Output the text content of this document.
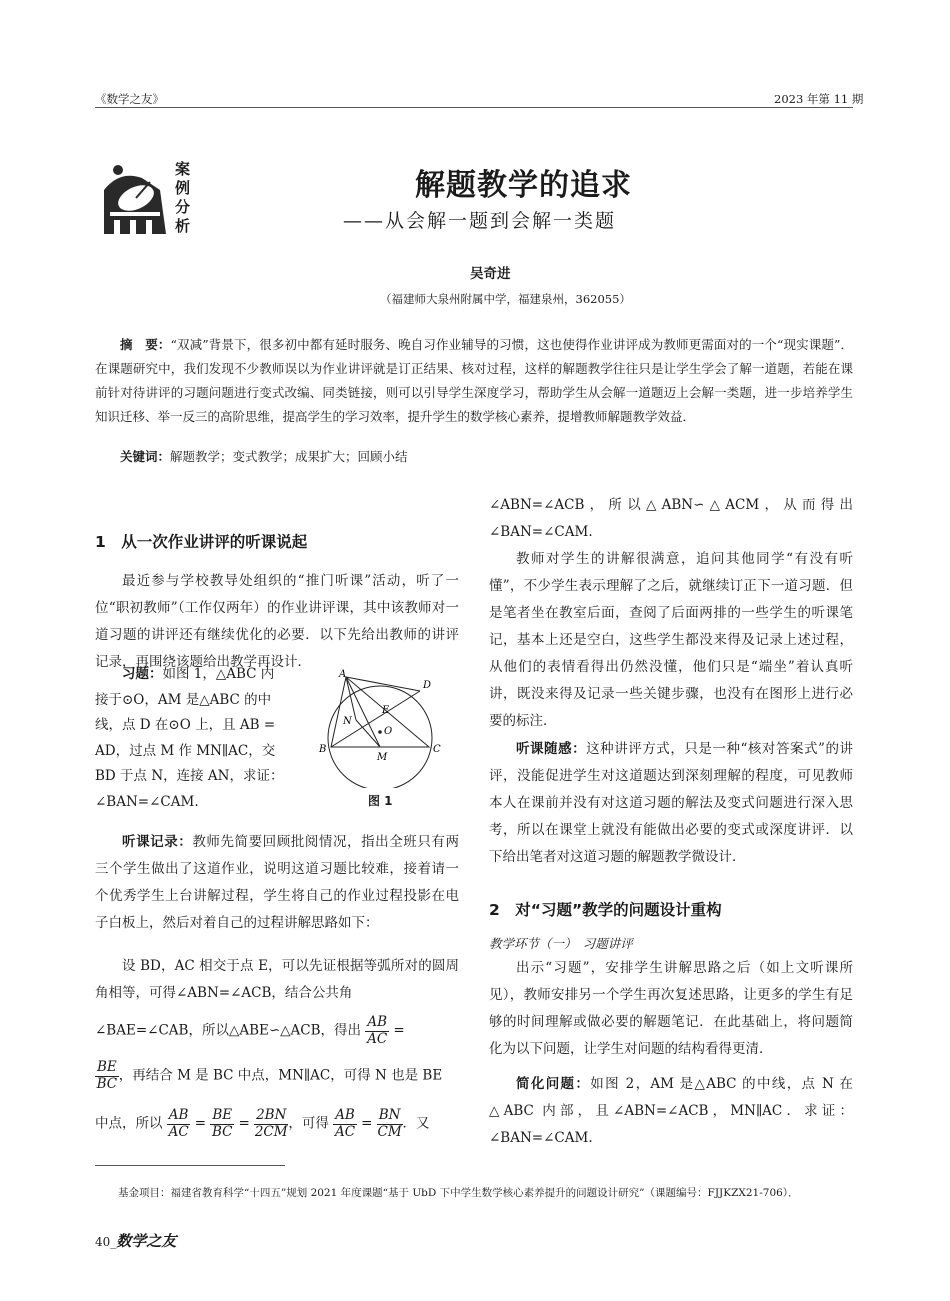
《数学之友》	2023 年第 11 期
案
例
分
析
解题教学的追求
——从会解一题到会解一类题
吴奇进
（福建师大泉州附属中学，福建泉州，362055）
摘　要：“双减”背景下，很多初中都有延时服务、晚自习作业辅导的习惯，这也使得作业讲评成为教师更需面对的一个“现实课题”．在课题研究中，我们发现不少教师误以为作业讲评就是订正结果、核对过程，这样的解题教学往往只是让学生学会了解一道题，若能在课前针对待讲评的习题问题进行变式改编、同类链接，则可以引导学生深度学习，帮助学生从会解一道题迈上会解一类题，进一步培养学生知识迁移、举一反三的高阶思维，提高学生的学习效率，提升学生的数学核心素养，提增教师解题教学效益．
关键词：解题教学；变式教学；成果扩大；回顾小结
1　从一次作业讲评的听课说起

最近参与学校教导处组织的“推门听课”活动，听了一位“职初教师”（工作仅两年）的作业讲评课，其中该教师对一道习题的讲评还有继续优化的必要．以下先给出教师的讲评记录，再围绕该题给出教学再设计．

习题：如图 1，△ABC 内
接于⊙O，AM 是△ABC 的中
线，点 D 在⊙O 上，且 AB =
AD，过点 M 作 MN∥AC，交
BD 于点 N，连接 AN，求证：
∠BAN=∠CAM.
A
D
E
N
O
B
M
C
图 1

听课记录：教师先简要回顾批阅情况，指出全班只有两三个学生做出了这道作业，说明这道习题比较难，接着请一个优秀学生上台讲解过程，学生将自己的作业过程投影在电子白板上，然后对着自己的过程讲解思路如下：

设 BD，AC 相交于点 E，可以先证根据等弧所对的圆周角相等，可得∠ABN=∠ACB，结合公共角

∠BAE=∠CAB，所以△ABE∽△ACB，得出 $\frac{AB}{AC}$ =
$\frac{BE}{BC}$ ，再结合 M 是 BC 中点，MN∥AC，可得 N 也是 BE
中点，所以 $\frac{AB}{AC} = \frac{BE}{BC} = \frac{2BN}{2CM}$ ，可得 $\frac{AB}{AC} = \frac{BN}{CM}$ ．又

∠ABN=∠ACB，所以△ABN∽△ACM，从而得出∠BAN=∠CAM.

教师对学生的讲解很满意，追问其他同学“有没有听懂”，不少学生表示理解了之后，就继续订正下一道习题．但是笔者坐在教室后面，查阅了后面两排的一些学生的听课笔记，基本上还是空白，这些学生都没来得及记录上述过程，从他们的表情看得出仍然没懂，他们只是“端坐”着认真听讲，既没来得及记录一些关键步骤，也没有在图形上进行必要的标注．

听课随感：这种讲评方式，只是一种“核对答案式”的讲评，没能促进学生对这道题达到深刻理解的程度，可见教师本人在课前并没有对这道习题的解法及变式问题进行深入思考，所以在课堂上就没有能做出必要的变式或深度讲评．以下给出笔者对这道习题的解题教学微设计．

2　对“习题”教学的问题设计重构
教学环节（一）　习题讲评

出示“习题”，安排学生讲解思路之后（如上文听课所见），教师安排另一个学生再次复述思路，让更多的学生有足够的时间理解或做必要的解题笔记．在此基础上，将问题简化为以下问题，让学生对问题的结构看得更清．

简化问题：如图 2，AM 是△ABC 的中线，点 N 在△ABC 内部，且∠ABN=∠ACB，MN∥AC．求证：∠BAN=∠CAM.

基金项目：福建省教育科学“十四五”规划 2021 年度课题“基于 UbD 下中学生数学核心素养提升的问题设计研究”（课题编号：FJJKZX21-706）．
40_数学之友
